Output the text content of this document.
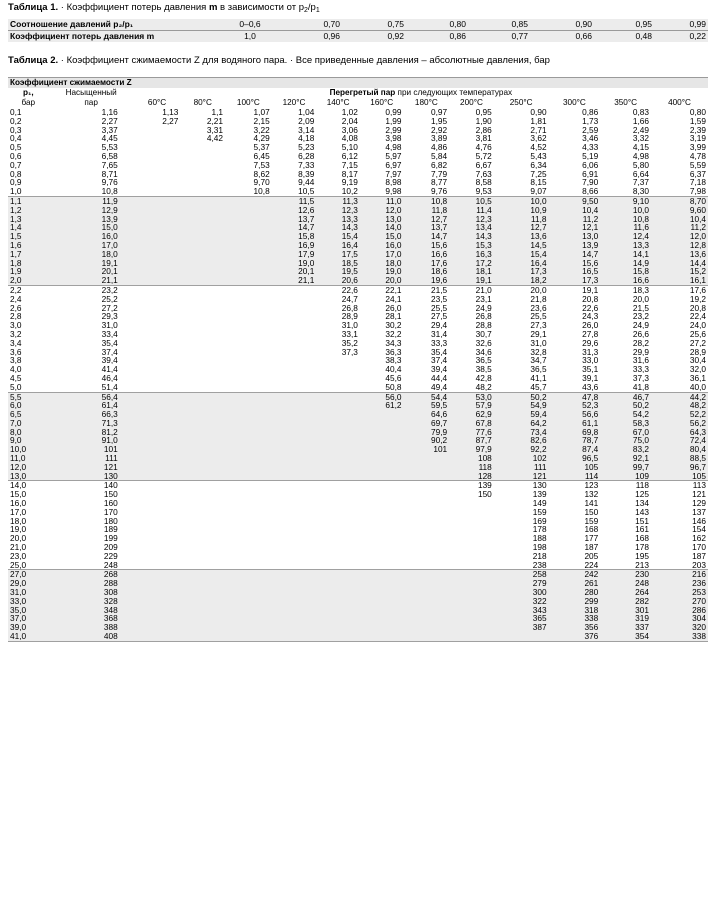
Таблица 1. · Коэффициент потерь давления m в зависимости от $p_2/p_1$
Соотношение давлений p₂/p₁	0–0,6	0,70	0,75	0,80	0,85	0,90	0,95	0,99
Коэффициент потерь давления m	1,0	0,96	0,92	0,86	0,77	0,66	0,48	0,22
Таблица 2. · Коэффициент сжимаемости Z для водяного пара. · Все приведенные давления – абсолютные давления, бар
Коэффициент сжимаемости Z													
p₁,	Насыщенный	Перегретый пар при следующих температурах											
бар	пар	60°C	80°C	100°C	120°C	140°C	160°C	180°C	200°C	250°C	300°C	350°C	400°C
0,1	1,16	1,13	1,1	1,07	1,04	1,02	0,99	0,97	0,95	0,90	0,86	0,83	0,80
0,2	2,27	2,27	2,21	2,15	2,09	2,04	1,99	1,95	1,90	1,81	1,73	1,66	1,59
0,3	3,37		3,31	3,22	3,14	3,06	2,99	2,92	2,86	2,71	2,59	2,49	2,39
0,4	4,45		4,42	4,29	4,18	4,08	3,98	3,89	3,81	3,62	3,46	3,32	3,19
0,5	5,53			5,37	5,23	5,10	4,98	4,86	4,76	4,52	4,33	4,15	3,99
0,6	6,58			6,45	6,28	6,12	5,97	5,84	5,72	5,43	5,19	4,98	4,78
0,7	7,65			7,53	7,33	7,15	6,97	6,82	6,67	6,34	6,06	5,80	5,59
0,8	8,71			8,62	8,39	8,17	7,97	7,79	7,63	7,25	6,91	6,64	6,37
0,9	9,76			9,70	9,44	9,19	8,98	8,77	8,58	8,15	7,90	7,37	7,18
1,0	10,8			10,8	10,5	10,2	9,98	9,76	9,53	9,07	8,66	8,30	7,98
1,1	11,9				11,5	11,3	11,0	10,8	10,5	10,0	9,50	9,10	8,70
1,2	12,9				12,6	12,3	12,0	11,8	11,4	10,9	10,4	10,0	9,60
1,3	13,9				13,7	13,3	13,0	12,7	12,3	11,8	11,2	10,8	10,4
1,4	15,0				14,7	14,3	14,0	13,7	13,4	12,7	12,1	11,6	11,2
1,5	16,0				15,8	15,4	15,0	14,7	14,3	13,6	13,0	12,4	12,0
1,6	17,0				16,9	16,4	16,0	15,6	15,3	14,5	13,9	13,3	12,8
1,7	18,0				17,9	17,5	17,0	16,6	16,3	15,4	14,7	14,1	13,6
1,8	19,1				19,0	18,5	18,0	17,6	17,2	16,4	15,6	14,9	14,4
1,9	20,1				20,1	19,5	19,0	18,6	18,1	17,3	16,5	15,8	15,2
2,0	21,1				21,1	20,6	20,0	19,6	19,1	18,2	17,3	16,6	16,1
2,2	23,2					22,6	22,1	21,5	21,0	20,0	19,1	18,3	17,6
2,4	25,2					24,7	24,1	23,5	23,1	21,8	20,8	20,0	19,2
2,6	27,2					26,8	26,0	25,5	24,9	23,6	22,6	21,5	20,8
2,8	29,3					28,9	28,1	27,5	26,8	25,5	24,3	23,2	22,4
3,0	31,0					31,0	30,2	29,4	28,8	27,3	26,0	24,9	24,0
3,2	33,4					33,1	32,2	31,4	30,7	29,1	27,8	26,6	25,6
3,4	35,4					35,2	34,3	33,3	32,6	31,0	29,6	28,2	27,2
3,6	37,4					37,3	36,3	35,4	34,6	32,8	31,3	29,9	28,9
3,8	39,4						38,3	37,4	36,5	34,7	33,0	31,6	30,4
4,0	41,4						40,4	39,4	38,5	36,5	35,1	33,3	32,0
4,5	46,4						45,6	44,4	42,8	41,1	39,1	37,3	36,1
5,0	51,4						50,8	49,4	48,2	45,7	43,6	41,8	40,0
5,5	56,4						56,0	54,4	53,0	50,2	47,8	46,7	44,2
6,0	61,4						61,2	59,5	57,9	54,9	52,3	50,2	48,2
6,5	66,3							64,6	62,9	59,4	56,6	54,2	52,2
7,0	71,3							69,7	67,8	64,2	61,1	58,3	56,2
8,0	81,2							79,9	77,6	73,4	69,8	67,0	64,3
9,0	91,0							90,2	87,7	82,6	78,7	75,0	72,4
10,0	101							101	97,9	92,2	87,4	83,2	80,4
11,0	111								108	102	96,5	92,1	88,5
12,0	121								118	111	105	99,7	96,7
13,0	130								128	121	114	109	105
14,0	140								139	130	123	118	113
15,0	150								150	139	132	125	121
16,0	160									149	141	134	129
17,0	170									159	150	143	137
18,0	180									169	159	151	146
19,0	189									178	168	161	154
20,0	199									188	177	168	162
21,0	209									198	187	178	170
23,0	229									218	205	195	187
25,0	248									238	224	213	203
27,0	268									258	242	230	216
29,0	288									279	261	248	236
31,0	308									300	280	264	253
33,0	328									322	299	282	270
35,0	348									343	318	301	286
37,0	368									365	338	319	304
39,0	388									387	356	337	320
41,0	408										376	354	338
